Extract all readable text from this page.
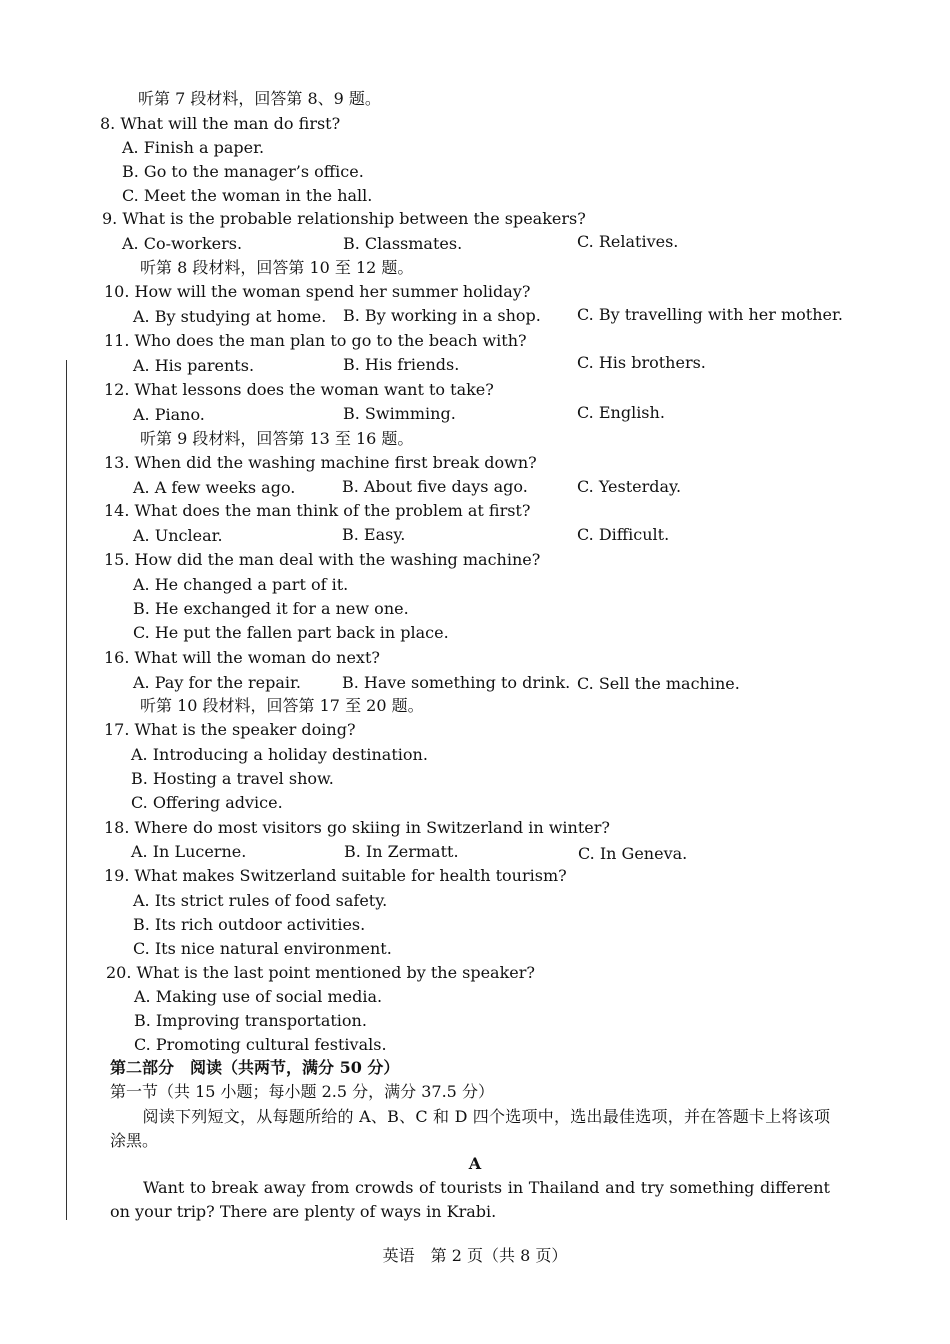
听第 7 段材料，回答第 8、9 题。
8. What will the man do first?
A. Finish a paper.
B. Go to the manager’s office.
C. Meet the woman in the hall.
9. What is the probable relationship between the speakers?
A. Co-workers.	B. Classmates.	C. Relatives.
听第 8 段材料，回答第 10 至 12 题。
10. How will the woman spend her summer holiday?
A. By studying at home. B. By working in a shop. C. By travelling with her mother.
11. Who does the man plan to go to the beach with?
A. His parents.	B. His friends.	C. His brothers.
12. What lessons does the woman want to take?
A. Piano.	B. Swimming.	C. English.
听第 9 段材料，回答第 13 至 16 题。
13. When did the washing machine first break down?
A. A few weeks ago.	B. About five days ago.	C. Yesterday.
14. What does the man think of the problem at first?
A. Unclear.	B. Easy.	C. Difficult.
15. How did the man deal with the washing machine?
A. He changed a part of it.
B. He exchanged it for a new one.
C. He put the fallen part back in place.
16. What will the woman do next?
A. Pay for the repair.	B. Have something to drink. C. Sell the machine.
听第 10 段材料，回答第 17 至 20 题。
17. What is the speaker doing?
A. Introducing a holiday destination.
B. Hosting a travel show.
C. Offering advice.
18. Where do most visitors go skiing in Switzerland in winter?
A. In Lucerne.	B. In Zermatt.	C. In Geneva.
19. What makes Switzerland suitable for health tourism?
A. Its strict rules of food safety.
B. Its rich outdoor activities.
C. Its nice natural environment.
20. What is the last point mentioned by the speaker?
A. Making use of social media.
B. Improving transportation.
C. Promoting cultural festivals.
第二部分　阅读（共两节，满分 50 分）
第一节（共 15 小题；每小题 2.5 分，满分 37.5 分）
　　阅读下列短文，从每题所给的 A、B、C 和 D 四个选项中，选出最佳选项，并在答题卡上将该项涂黑。
A
　　Want to break away from crowds of tourists in Thailand and try something different on your trip? There are plenty of ways in Krabi.
英语　第 2 页（共 8 页）
